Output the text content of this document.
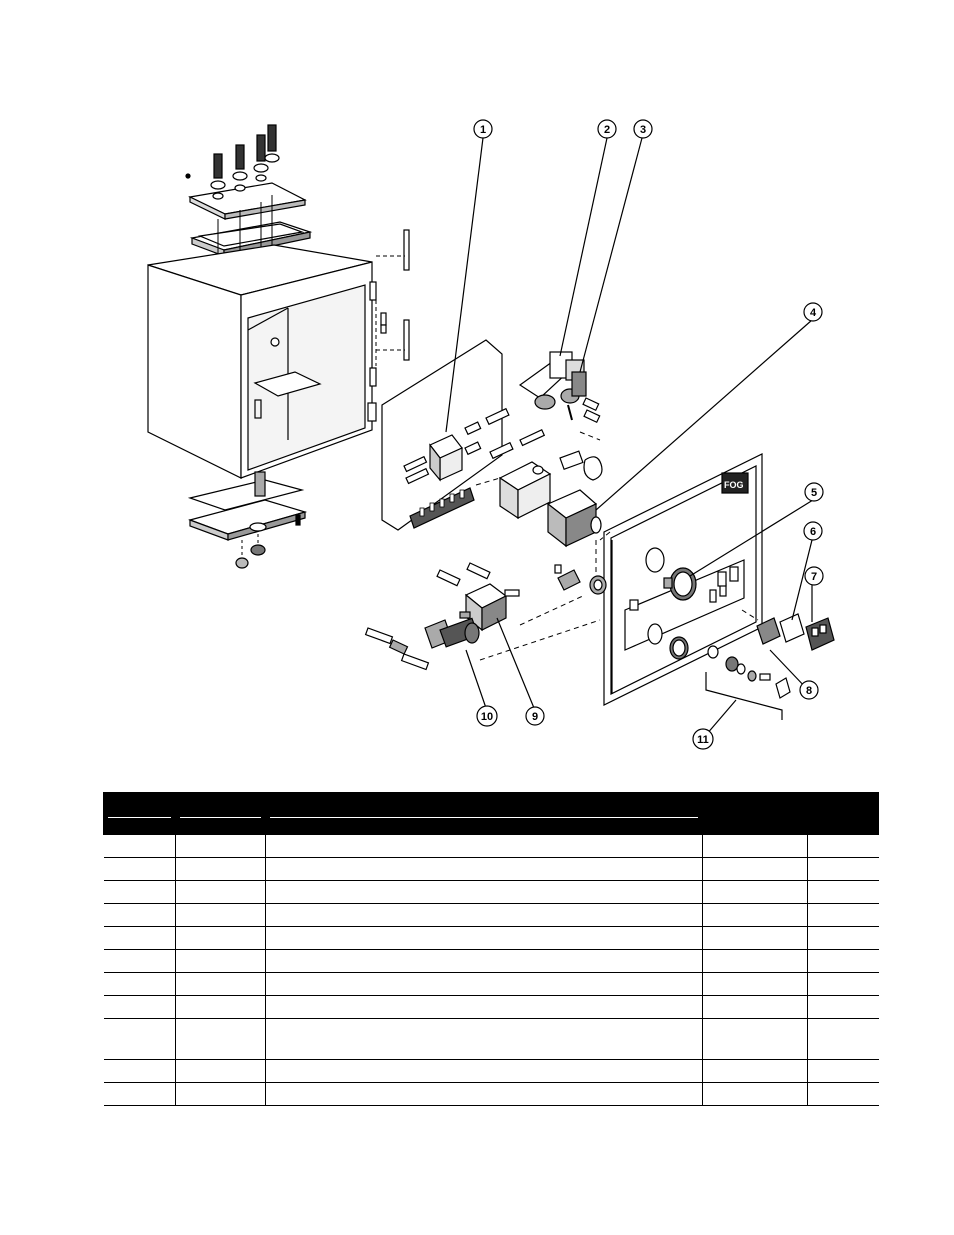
FOG
1	2	3
4
5
6
7
8
9
10
11
